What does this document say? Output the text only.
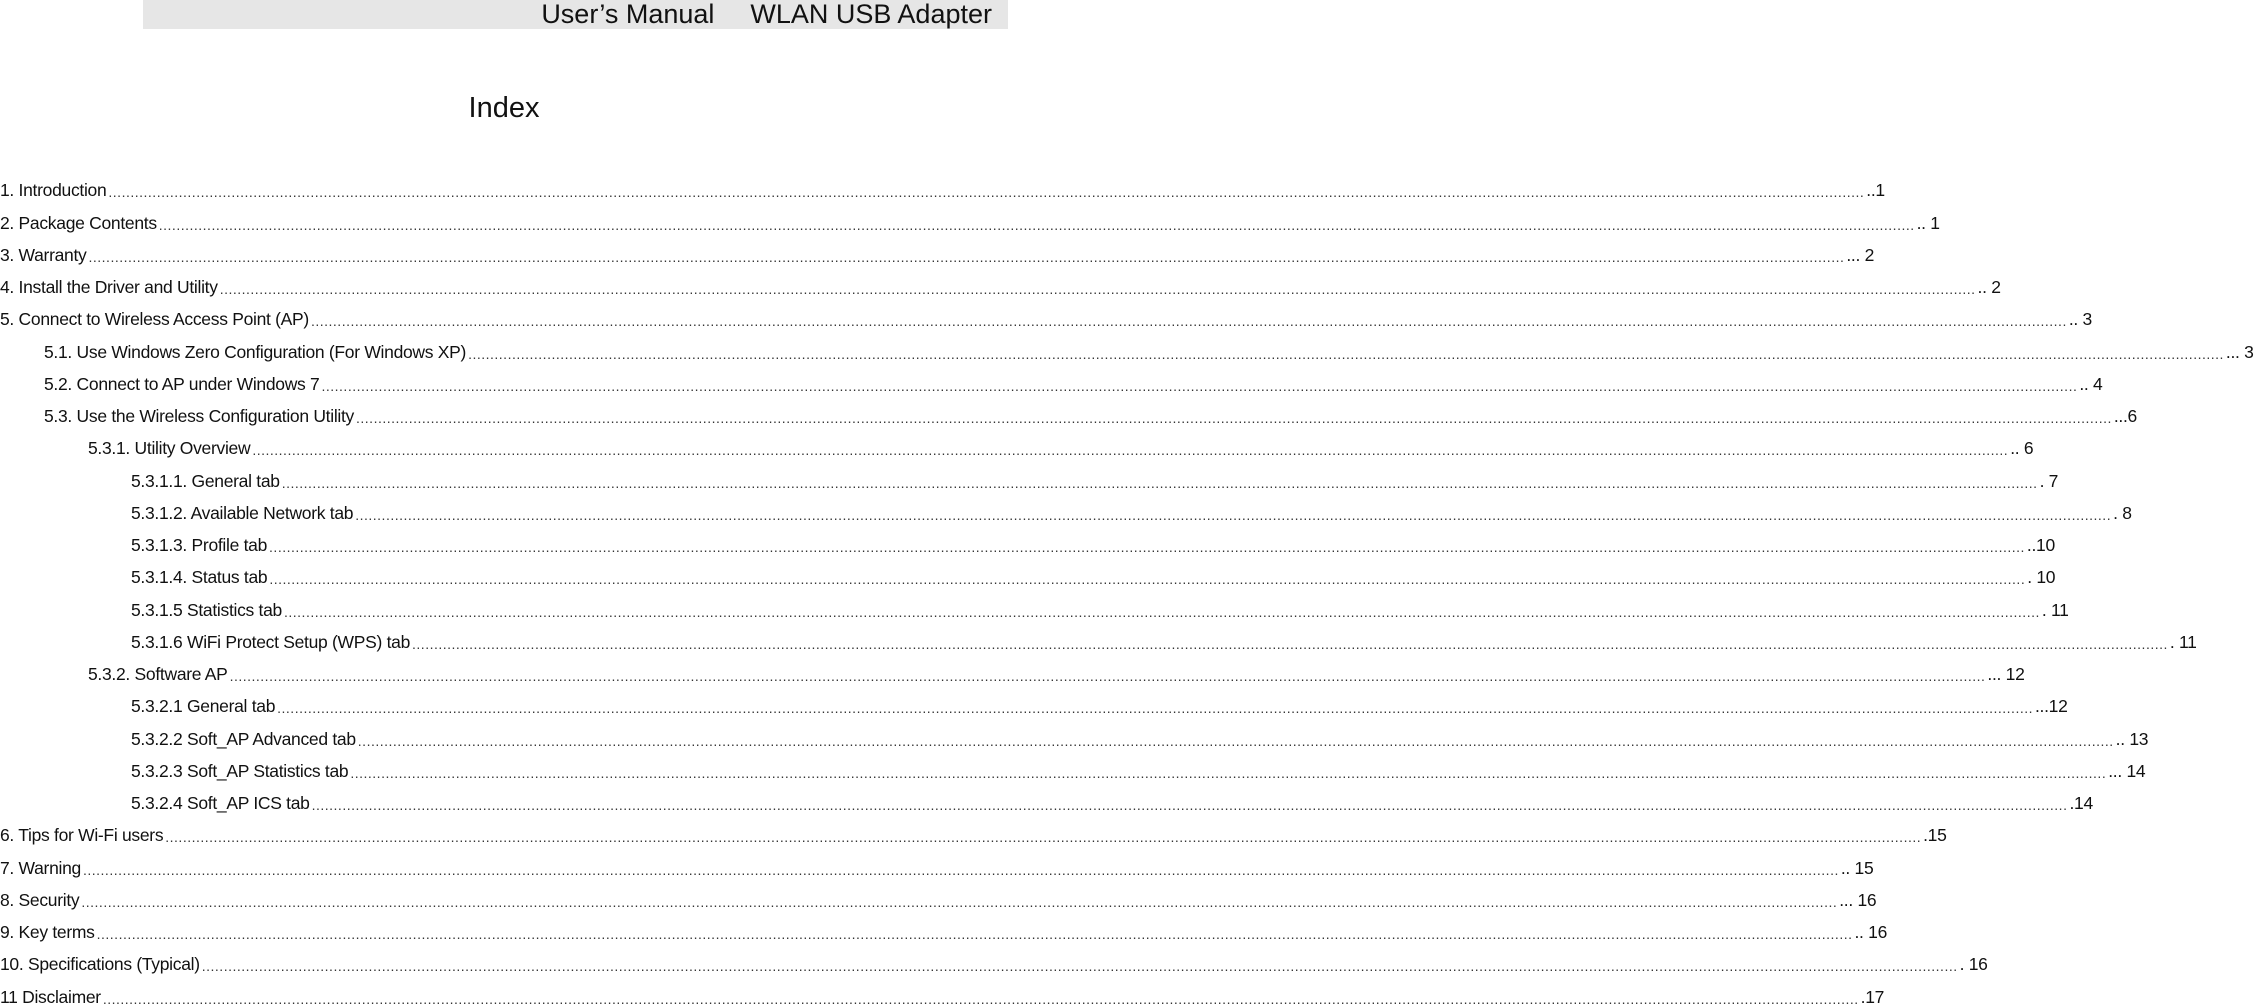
User’s Manual WLAN USB Adapter
Index
1. Introduction ................................................................................................................................................................................................................................................................................................................................................................................................................ ..1
2. Package Contents ................................................................................................................................................................................................................................................................................................................................................................................................................ .. 1
3. Warranty ................................................................................................................................................................................................................................................................................................................................................................................................................ ... 2
4. Install the Driver and Utility ................................................................................................................................................................................................................................................................................................................................................................................................................ .. 2
5. Connect to Wireless Access Point (AP) ................................................................................................................................................................................................................................................................................................................................................................................................................ .. 3
5.1. Use Windows Zero Configuration (For Windows XP) ................................................................................................................................................................................................................................................................................................................................................................................................................ ... 3
5.2. Connect to AP under Windows 7 ................................................................................................................................................................................................................................................................................................................................................................................................................ .. 4
5.3. Use the Wireless Configuration Utility ................................................................................................................................................................................................................................................................................................................................................................................................................ ...6
5.3.1. Utility Overview ................................................................................................................................................................................................................................................................................................................................................................................................................ .. 6
5.3.1.1. General tab ................................................................................................................................................................................................................................................................................................................................................................................................................ . 7
5.3.1.2. Available Network tab ................................................................................................................................................................................................................................................................................................................................................................................................................ . 8
5.3.1.3. Profile tab ................................................................................................................................................................................................................................................................................................................................................................................................................ ..10
5.3.1.4. Status tab ................................................................................................................................................................................................................................................................................................................................................................................................................ . 10
5.3.1.5 Statistics tab ................................................................................................................................................................................................................................................................................................................................................................................................................ . 11
5.3.1.6 WiFi Protect Setup (WPS) tab ................................................................................................................................................................................................................................................................................................................................................................................................................ . 11
5.3.2. Software AP ................................................................................................................................................................................................................................................................................................................................................................................................................ ... 12
5.3.2.1 General tab ................................................................................................................................................................................................................................................................................................................................................................................................................ ...12
5.3.2.2 Soft_AP Advanced tab ................................................................................................................................................................................................................................................................................................................................................................................................................ .. 13
5.3.2.3 Soft_AP Statistics tab ................................................................................................................................................................................................................................................................................................................................................................................................................ ... 14
5.3.2.4 Soft_AP ICS tab ................................................................................................................................................................................................................................................................................................................................................................................................................ .14
6. Tips for Wi-Fi users ................................................................................................................................................................................................................................................................................................................................................................................................................ .15
7. Warning ................................................................................................................................................................................................................................................................................................................................................................................................................ .. 15
8. Security ................................................................................................................................................................................................................................................................................................................................................................................................................ ... 16
9. Key terms ................................................................................................................................................................................................................................................................................................................................................................................................................ .. 16
10. Specifications (Typical) ................................................................................................................................................................................................................................................................................................................................................................................................................ . 16
11 Disclaimer ................................................................................................................................................................................................................................................................................................................................................................................................................ .17
